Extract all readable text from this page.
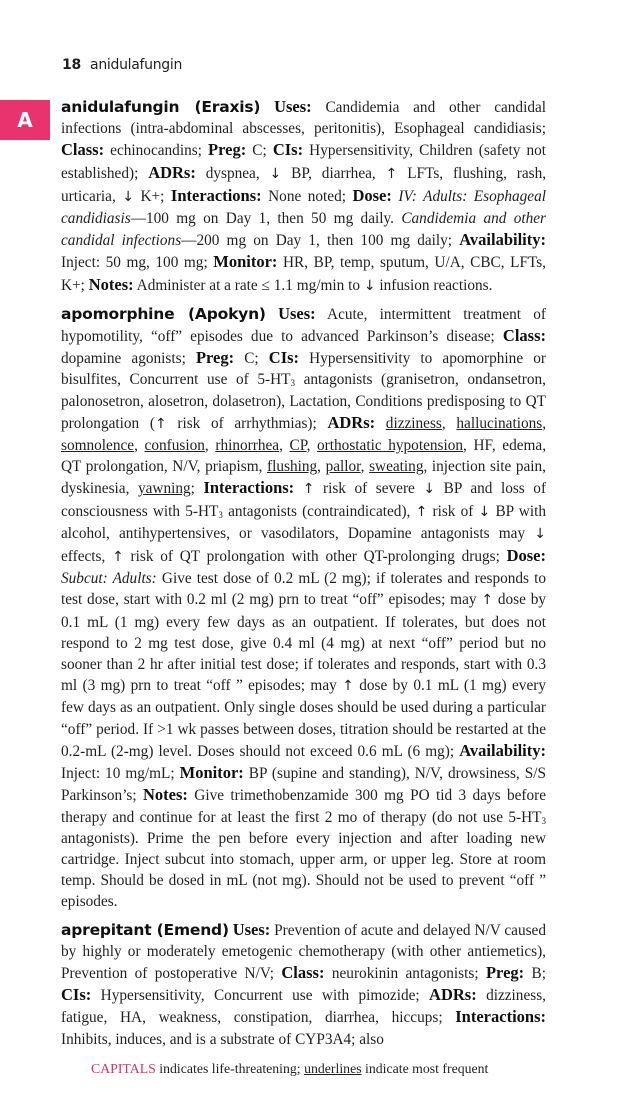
18 anidulafungin
A

anidulafungin (Eraxis) Uses: Candidemia and other candidal infections (intra-abdominal abscesses, peritonitis), Esophageal candidiasis; Class: echinocandins; Preg: C; CIs: Hypersensitivity, Children (safety not established); ADRs: dyspnea, ↓ BP, diarrhea, ↑ LFTs, flushing, rash, urticaria, ↓ K+; Interactions: None noted; Dose: IV: Adults: Esophageal candidiasis—100 mg on Day 1, then 50 mg daily. Candidemia and other candidal infections—200 mg on Day 1, then 100 mg daily; Availability: Inject: 50 mg, 100 mg; Monitor: HR, BP, temp, sputum, U/A, CBC, LFTs, K+; Notes: Administer at a rate ≤ 1.1 mg/min to ↓ infusion reactions.

apomorphine (Apokyn) Uses: Acute, intermittent treatment of hypomotility, “off” episodes due to advanced Parkinson’s disease; Class: dopamine agonists; Preg: C; CIs: Hypersensitivity to apomorphine or bisulfites, Concurrent use of $5-HT_3$ antagonists (granisetron, ondansetron, palonosetron, alosetron, dolasetron), Lactation, Conditions predisposing to QT prolongation (↑ risk of arrhythmias); ADRs: dizziness, hallucinations, somnolence, confusion, rhinorrhea, CP, orthostatic hypotension, HF, edema, QT prolongation, N/V, priapism, flushing, pallor, sweating, injection site pain, dyskinesia, yawning; Interactions: ↑ risk of severe ↓ BP and loss of consciousness with $5-HT_3$ antagonists (contraindicated), ↑ risk of ↓ BP with alcohol, antihypertensives, or vasodilators, Dopamine antagonists may ↓ effects, ↑ risk of QT prolongation with other QT-prolonging drugs; Dose: Subcut: Adults: Give test dose of 0.2 mL (2 mg); if tolerates and responds to test dose, start with 0.2 ml (2 mg) prn to treat “off” episodes; may ↑ dose by 0.1 mL (1 mg) every few days as an outpatient. If tolerates, but does not respond to 2 mg test dose, give 0.4 ml (4 mg) at next “off” period but no sooner than 2 hr after initial test dose; if tolerates and responds, start with 0.3 ml (3 mg) prn to treat “off ” episodes; may ↑ dose by 0.1 mL (1 mg) every few days as an outpatient. Only single doses should be used during a particular “off” period. If >1 wk passes between doses, titration should be restarted at the 0.2-mL (2-mg) level. Doses should not exceed 0.6 mL (6 mg); Availability: Inject: 10 mg/mL; Monitor: BP (supine and standing), N/V, drowsiness, S/S Parkinson’s; Notes: Give trimethobenzamide 300 mg PO tid 3 days before therapy and continue for at least the first 2 mo of therapy (do not use $5-HT_3$ antagonists). Prime the pen before every injection and after loading new cartridge. Inject subcut into stomach, upper arm, or upper leg. Store at room temp. Should be dosed in mL (not mg). Should not be used to prevent “off ” episodes.

aprepitant (Emend) Uses: Prevention of acute and delayed N/V caused by highly or moderately emetogenic chemotherapy (with other antiemetics), Prevention of postoperative N/V; Class: neurokinin antagonists; Preg: B; CIs: Hypersensitivity, Concurrent use with pimozide; ADRs: dizziness, fatigue, HA, weakness, constipation, diarrhea, hiccups; Interactions: Inhibits, induces, and is a substrate of CYP3A4; also

CAPITALS indicates life-threatening; underlines indicate most frequent
